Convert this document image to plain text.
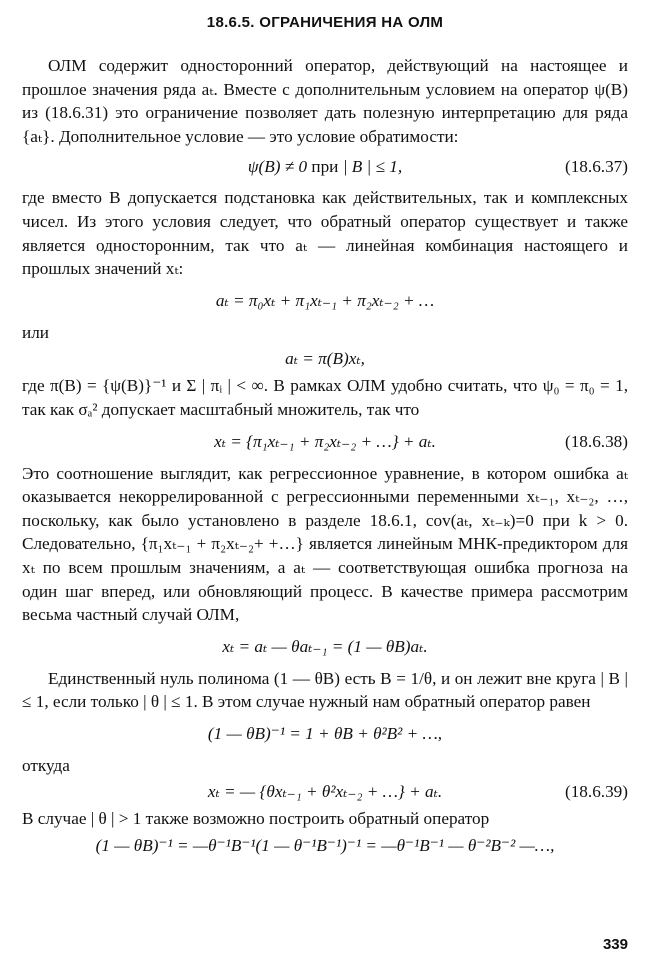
18.6.5. ОГРАНИЧЕНИЯ НА ОЛМ

ОЛМ содержит односторонний оператор, действующий на настоящее и прошлое значения ряда aₜ. Вместе с дополнительным условием на оператор ψ(B) из (18.6.31) это ограничение позволяет дать полезную интерпретацию для ряда {aₜ}. Дополнительное условие — это условие обратимости:

ψ(B) ≠ 0 при | B | ≤ 1,	(18.6.37)

где вместо B допускается подстановка как действительных, так и комплексных чисел. Из этого условия следует, что обратный оператор существует и также является односторонним, так что aₜ — линейная комбинация настоящего и прошлых значений xₜ:

aₜ = π₀xₜ + π₁xₜ₋₁ + π₂xₜ₋₂ + …

или

aₜ = π(B)xₜ,

где π(B) = {ψ(B)}⁻¹ и Σ | πᵢ | < ∞. В рамках ОЛМ удобно считать, что ψ₀ = π₀ = 1, так как σₐ² допускает масштабный множитель, так что

xₜ = {π₁xₜ₋₁ + π₂xₜ₋₂ + …} + aₜ.	(18.6.38)

Это соотношение выглядит, как регрессионное уравнение, в котором ошибка aₜ оказывается некоррелированной с регрессионными переменными xₜ₋₁, xₜ₋₂, …, поскольку, как было установлено в разделе 18.6.1, cov(aₜ, xₜ₋ₖ)=0 при k > 0. Следовательно, {π₁xₜ₋₁ + π₂xₜ₋₂+ +…} является линейным МНК-предиктором для xₜ по всем прошлым значениям, а aₜ — соответствующая ошибка прогноза на один шаг вперед, или обновляющий процесс. В качестве примера рассмотрим весьма частный случай ОЛМ,

xₜ = aₜ — θaₜ₋₁ = (1 — θB)aₜ.

Единственный нуль полинома (1 — θB) есть B = 1/θ, и он лежит вне круга | B | ≤ 1, если только | θ | ≤ 1. В этом случае нужный нам обратный оператор равен

(1 — θB)⁻¹ = 1 + θB + θ²B² + …,

откуда

xₜ = — {θxₜ₋₁ + θ²xₜ₋₂ + …} + aₜ.	(18.6.39)

В случае | θ | > 1 также возможно построить обратный оператор

(1 — θB)⁻¹ = —θ⁻¹B⁻¹(1 — θ⁻¹B⁻¹)⁻¹ = —θ⁻¹B⁻¹ — θ⁻²B⁻² —…,
339
